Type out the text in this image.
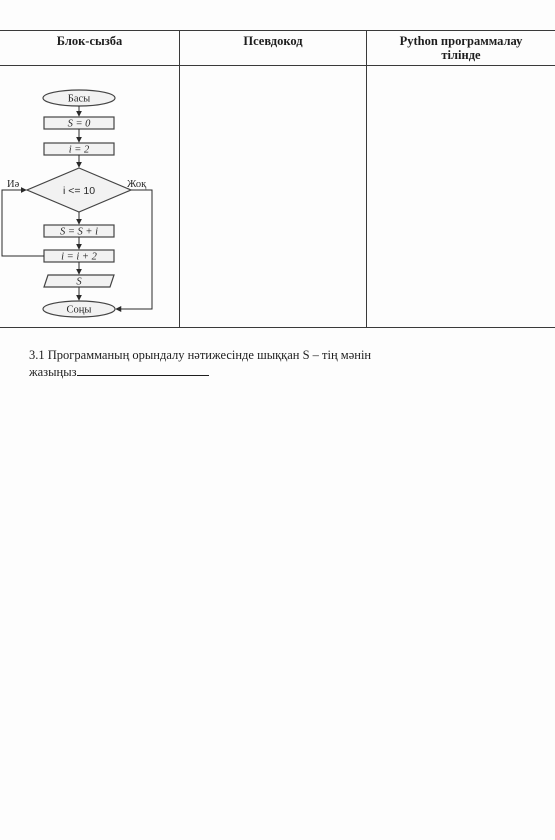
Блок-сызба	Псевдокод	Python программалау
тілінде
Басы
S = 0
i = 2
i <= 10
Иә	Жоқ
S = S + i
i = i + 2
S
Соңы
3.1 Программаның орындалу нәтижесінде шыққан S – тің мәнін
жазыңыз
